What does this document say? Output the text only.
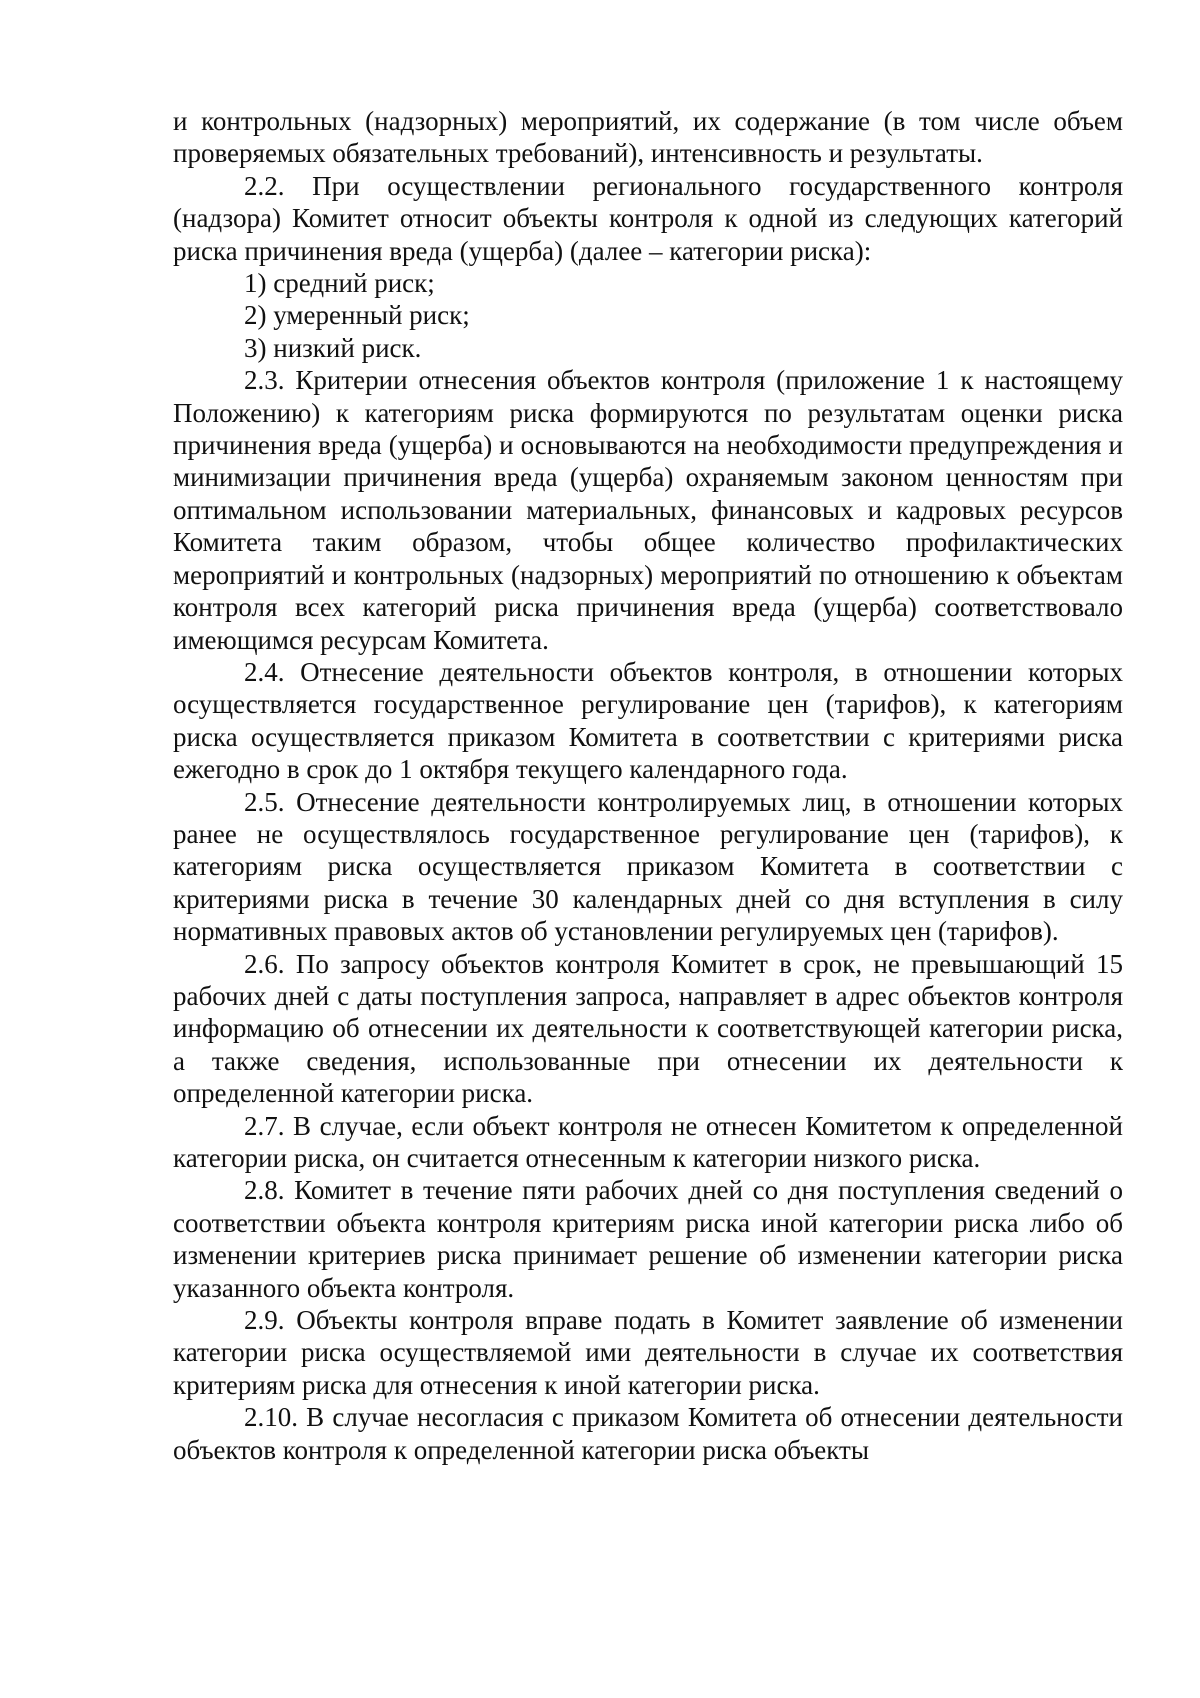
и контрольных (надзорных) мероприятий, их содержание (в том числе объем проверяемых обязательных требований), интенсивность и результаты.

2.2. При осуществлении регионального государственного контроля (надзора) Комитет относит объекты контроля к одной из следующих категорий риска причинения вреда (ущерба) (далее – категории риска):

1) средний риск;

2) умеренный риск;

3) низкий риск.

2.3. Критерии отнесения объектов контроля (приложение 1 к настоящему Положению) к категориям риска формируются по результатам оценки риска причинения вреда (ущерба) и основываются на необходимости предупреждения и минимизации причинения вреда (ущерба) охраняемым законом ценностям при оптимальном использовании материальных, финансовых и кадровых ресурсов Комитета таким образом, чтобы общее количество профилактических мероприятий и контрольных (надзорных) мероприятий по отношению к объектам контроля всех категорий риска причинения вреда (ущерба) соответствовало имеющимся ресурсам Комитета.

2.4. Отнесение деятельности объектов контроля, в отношении которых осуществляется государственное регулирование цен (тарифов), к категориям риска осуществляется приказом Комитета в соответствии с критериями риска ежегодно в срок до 1 октября текущего календарного года.

2.5. Отнесение деятельности контролируемых лиц, в отношении которых ранее не осуществлялось государственное регулирование цен (тарифов), к категориям риска осуществляется приказом Комитета в соответствии с критериями риска в течение 30 календарных дней со дня вступления в силу нормативных правовых актов об установлении регулируемых цен (тарифов).

2.6. По запросу объектов контроля Комитет в срок, не превышающий 15 рабочих дней с даты поступления запроса, направляет в адрес объектов контроля информацию об отнесении их деятельности к соответствующей категории риска, а также сведения, использованные при отнесении их деятельности к определенной категории риска.

2.7. В случае, если объект контроля не отнесен Комитетом к определенной категории риска, он считается отнесенным к категории низкого риска.

2.8. Комитет в течение пяти рабочих дней со дня поступления сведений о соответствии объекта контроля критериям риска иной категории риска либо об изменении критериев риска принимает решение об изменении категории риска указанного объекта контроля.

2.9. Объекты контроля вправе подать в Комитет заявление об изменении категории риска осуществляемой ими деятельности в случае их соответствия критериям риска для отнесения к иной категории риска.

2.10. В случае несогласия с приказом Комитета об отнесении деятельности объектов контроля к определенной категории риска объекты
